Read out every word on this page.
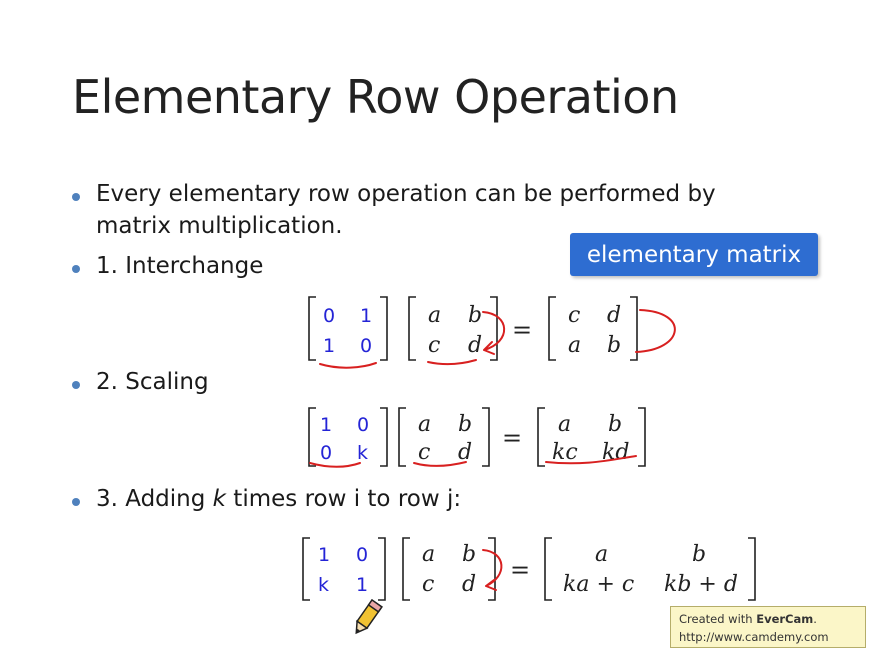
Elementary Row Operation
Every elementary row operation can be performed by
matrix multiplication.
1. Interchange
2. Scaling
3. Adding k times row i to row j:
elementary matrix
0 1
1 0
a b
c d
=
c d
a b
1 0
0 k
a b
c d
= a b
kc kd
1 0
k 1
a b
c d
=
a	b
ka + c kb + d
Created with EverCam.
http://www.camdemy.com
